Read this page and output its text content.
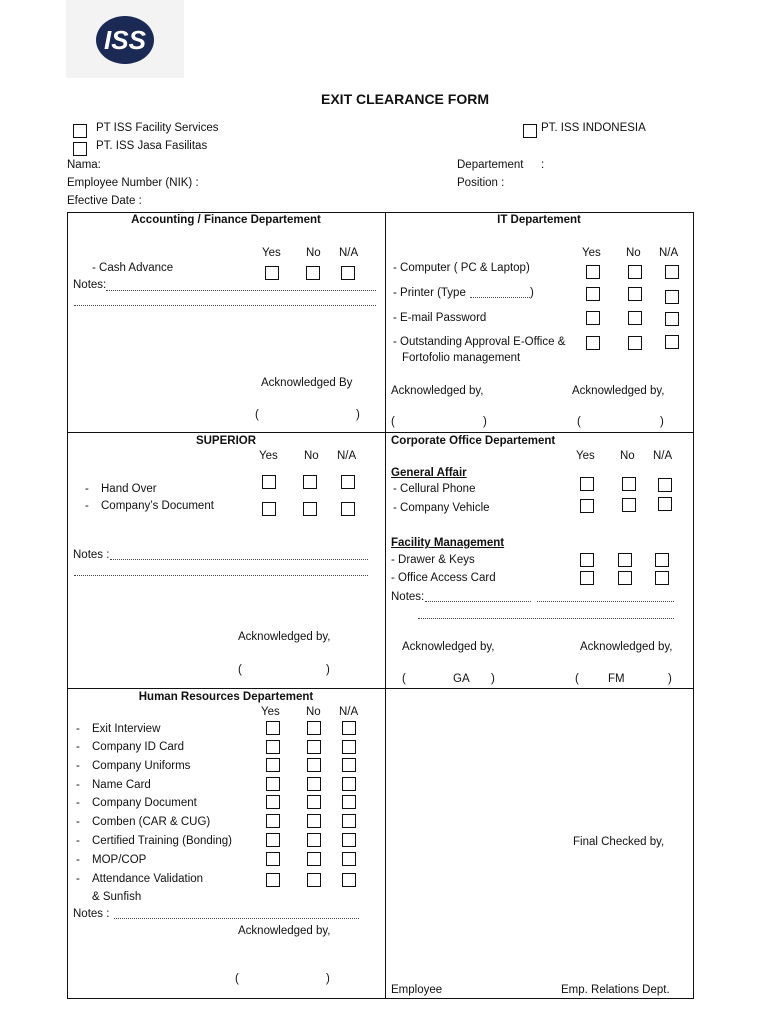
ISS
EXIT CLEARANCE FORM
PT ISS Facility Services
PT. ISS Jasa Fasilitas
PT. ISS INDONESIA
Nama:
Employee Number (NIK) :
Efective Date :
Departement :
Position :
Accounting / Finance Departement
Yes No N/A
- Cash Advance
Notes:
Acknowledged By
(	)
IT Departement
Yes No N/A
- Computer ( PC & Laptop)
- Printer (Type	)
- E-mail Password
- Outstanding Approval E-Office &
Fortofolio management
Acknowledged by,	Acknowledged by,
(	)	(	)
SUPERIOR
Yes No N/A
- Hand Over
- Company’s Document
Notes :
Acknowledged by,
(	)
Corporate Office Departement
Yes No N/A
General Affair
- Cellural Phone
- Company Vehicle
Facility Management
- Drawer & Keys
- Office Access Card
Notes:
Acknowledged by,	Acknowledged by,
(	GA )	(	FM	)
Human Resources Departement
Yes No N/A
- Exit Interview
- Company ID Card
- Company Uniforms
- Name Card
- Company Document
- Comben (CAR & CUG)
- Certified Training (Bonding)
- MOP/COP
- Attendance Validation
& Sunfish
Notes :
Acknowledged by,
(	)
Final Checked by,
Employee	Emp. Relations Dept.
